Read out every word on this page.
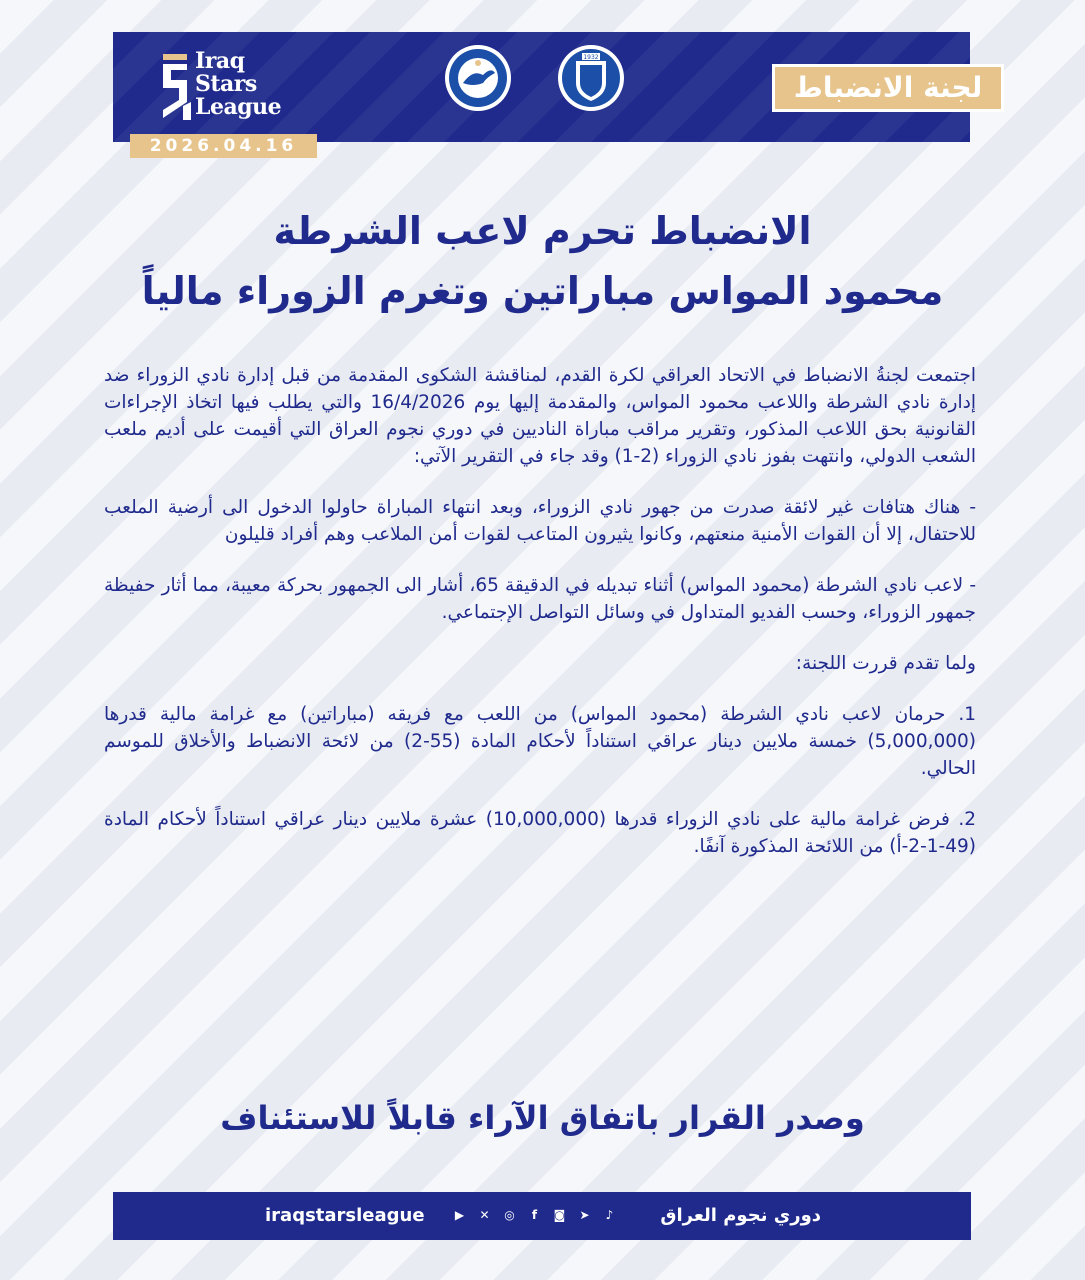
Iraq
Stars
League
1932
2026.04.16
لجنة الانضباط
الانضباط تحرم لاعب الشرطة
محمود المواس مباراتين وتغرم الزوراء مالياً

اجتمعت لجنةُ الانضباط في الاتحاد العراقي لكرة القدم، لمناقشة الشكوى المقدمة من قبل إدارة نادي الزوراء ضد إدارة نادي الشرطة واللاعب محمود المواس، والمقدمة إليها يوم 16/4/2026 والتي يطلب فيها اتخاذ الإجراءات القانونية بحق اللاعب المذكور، وتقرير مراقب مباراة الناديين في دوري نجوم العراق التي أقيمت على أديم ملعب الشعب الدولي، وانتهت بفوز نادي الزوراء (2-1) وقد جاء في التقرير الآتي:

- هناك هتافات غير لائقة صدرت من جهور نادي الزوراء، وبعد انتهاء المباراة حاولوا الدخول الى أرضية الملعب للاحتفال، إلا أن القوات الأمنية منعتهم، وكانوا يثيرون المتاعب لقوات أمن الملاعب وهم أفراد قليلون

- لاعب نادي الشرطة (محمود المواس) أثناء تبديله في الدقيقة 65، أشار الى الجمهور بحركة معيبة، مما أثار حفيظة جمهور الزوراء، وحسب الفديو المتداول في وسائل التواصل الإجتماعي.

ولما تقدم قررت اللجنة:

1. حرمان لاعب نادي الشرطة (محمود المواس) من اللعب مع فريقه (مباراتين) مع غرامة مالية قدرها (5,000,000) خمسة ملايين دينار عراقي استناداً لأحكام المادة (55-2) من لائحة الانضباط والأخلاق للموسم الحالي.

2. فرض غرامة مالية على نادي الزوراء قدرها (10,000,000) عشرة ملايين دينار عراقي استناداً لأحكام المادة (49-1-2-أ) من اللائحة المذكورة آنفًا.

وصدر القرار باتفاق الآراء قابلاً للاستئناف
iraqstarsleague	▶	✕ ◎	f	◙ ➤	♪	دوري نجوم العراق
